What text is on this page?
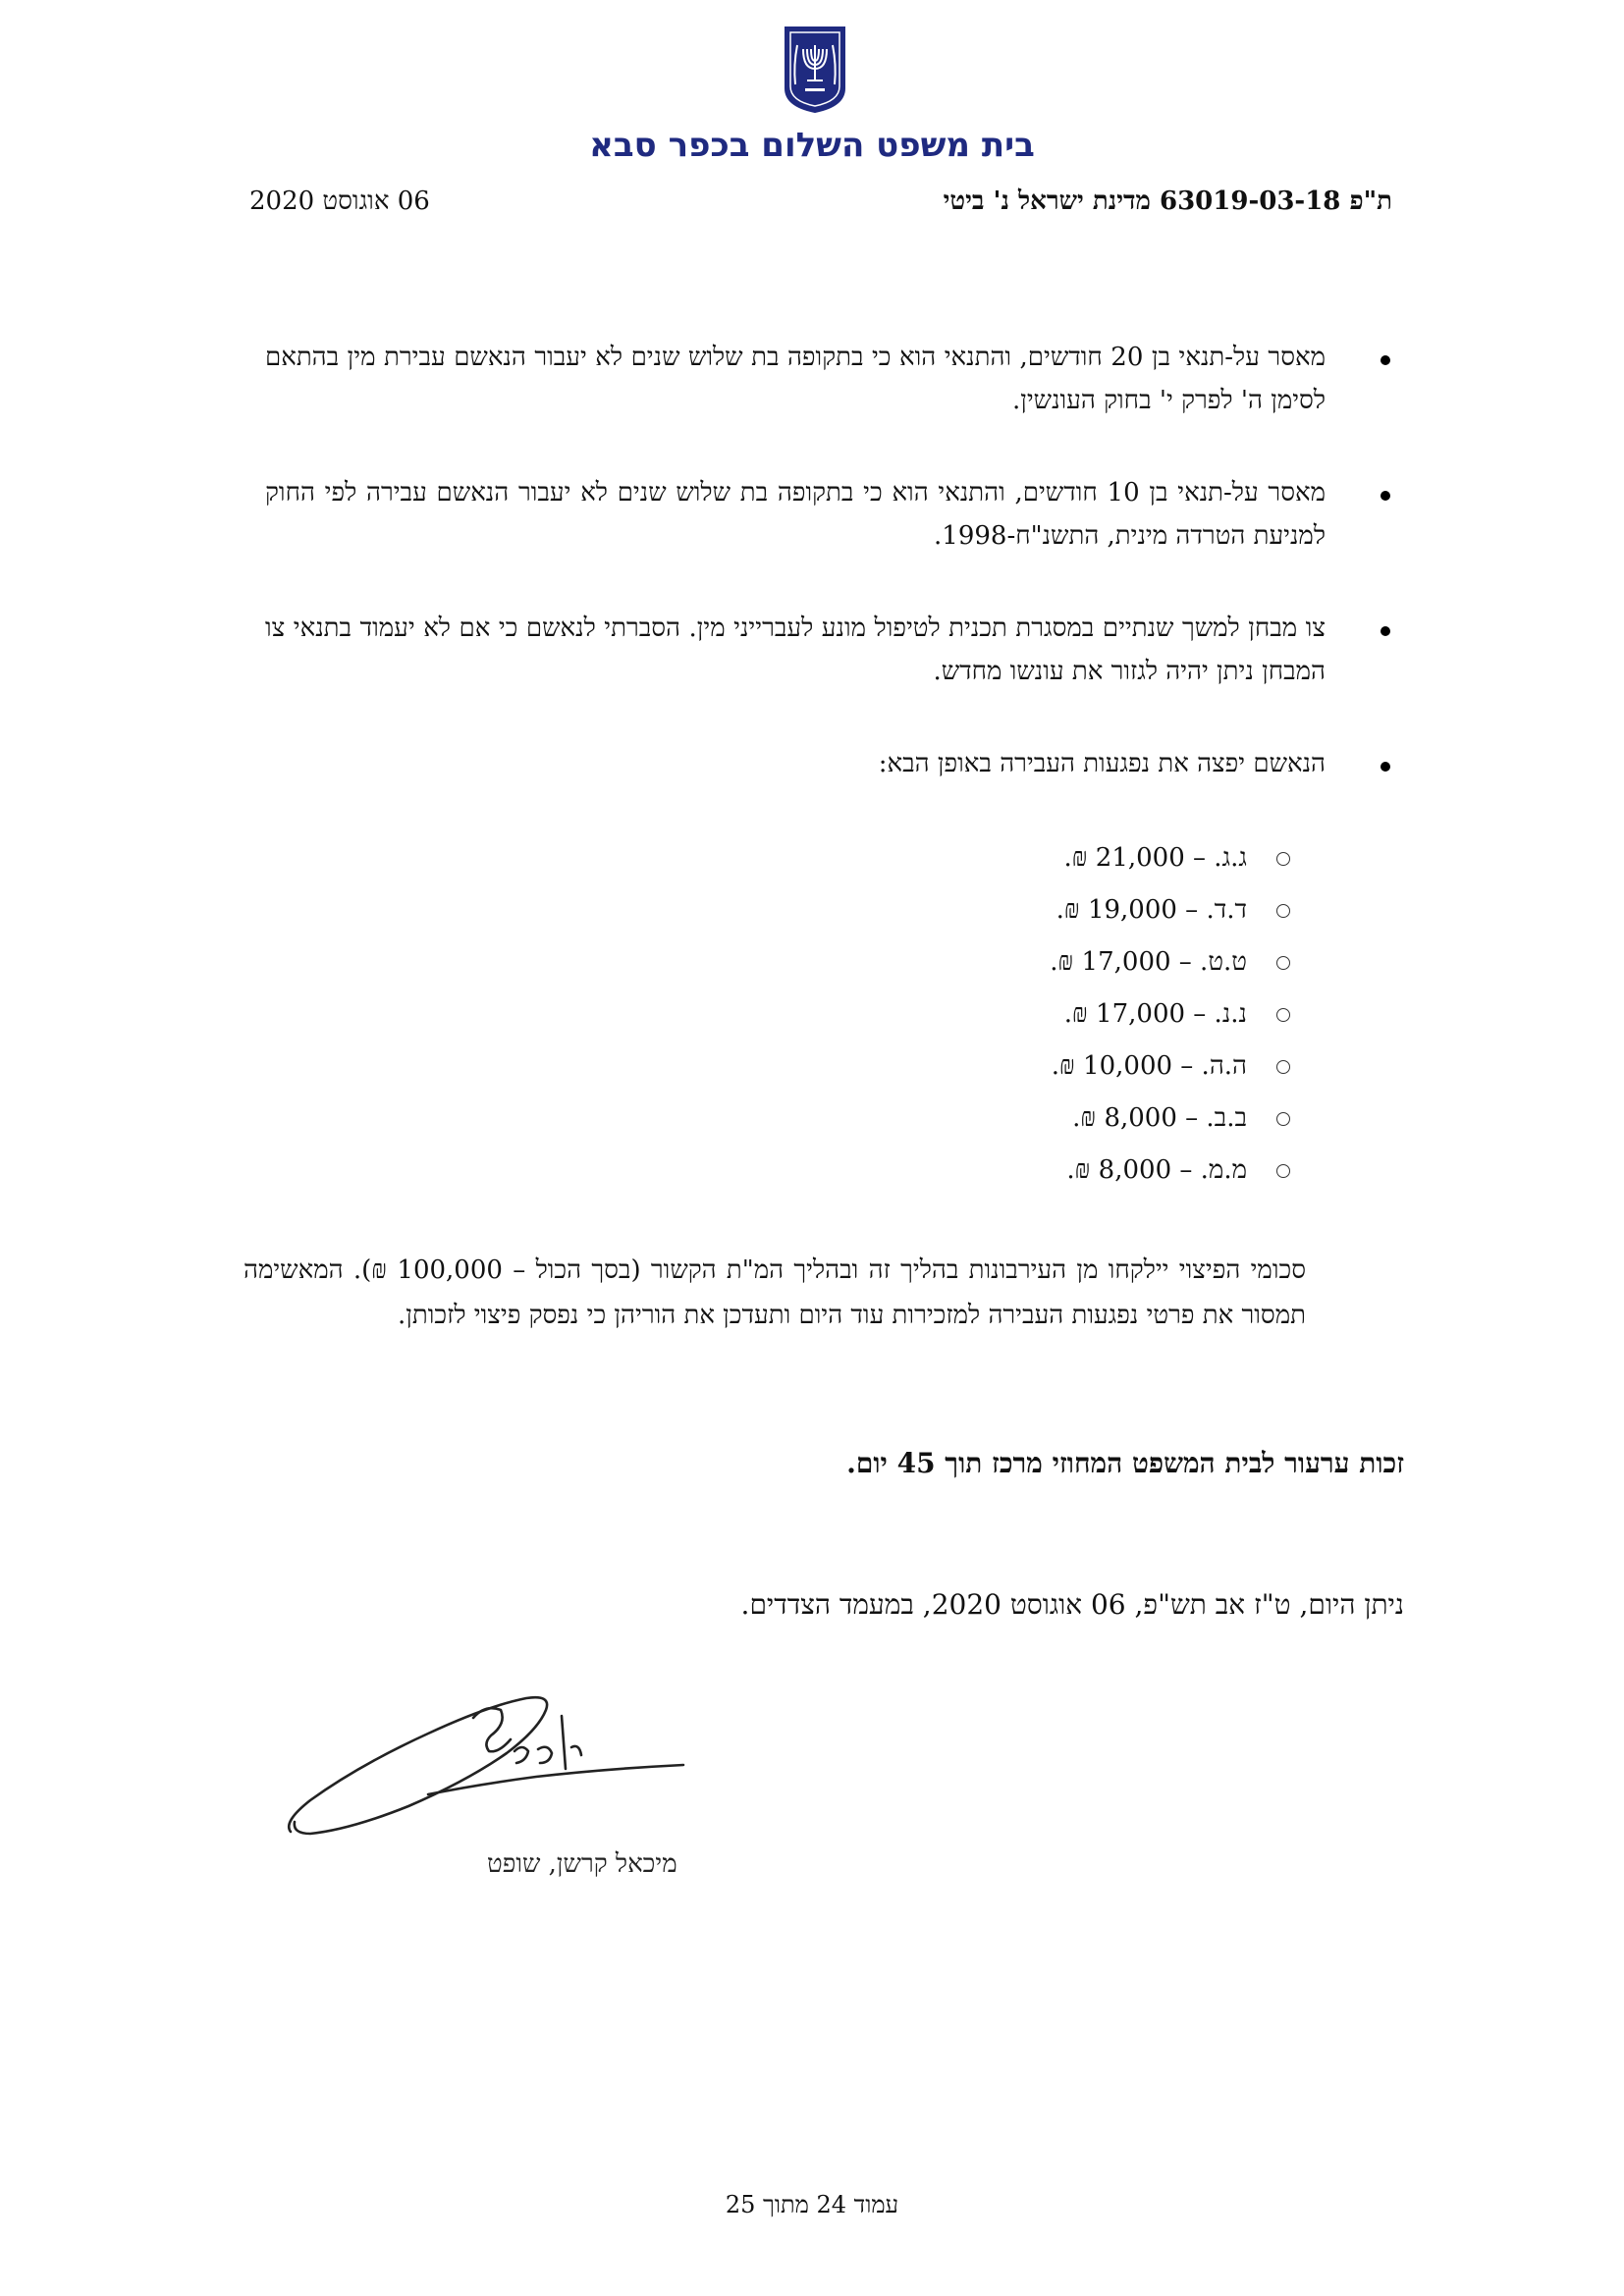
בית משפט השלום בכפר סבא
ת"פ 63019-03-18 מדינת ישראל נ' ביטי
06 אוגוסט 2020
מאסר על-תנאי בן 20 חודשים, והתנאי הוא כי בתקופה בת שלוש שנים לא יעבור הנאשם עבירת מין בהתאם לסימן ה' לפרק י' בחוק העונשין.
מאסר על-תנאי בן 10 חודשים, והתנאי הוא כי בתקופה בת שלוש שנים לא יעבור הנאשם עבירה לפי החוק למניעת הטרדה מינית, התשנ"ח-1998.
צו מבחן למשך שנתיים במסגרת תכנית לטיפול מונע לעברייני מין. הסברתי לנאשם כי אם לא יעמוד בתנאי צו המבחן ניתן יהיה לגזור את עונשו מחדש.
הנאשם יפצה את נפגעות העבירה באופן הבא:
ג.ג. – 21,000 ₪.
ד.ד. – 19,000 ₪.
ט.ט. – 17,000 ₪.
נ.נ. – 17,000 ₪.
ה.ה. – 10,000 ₪.
ב.ב. – 8,000 ₪.
מ.מ. – 8,000 ₪.

סכומי הפיצוי יילקחו מן העירבונות בהליך זה ובהליך המ"ת הקשור (בסך הכול – 100,000 ₪). המאשימה תמסור את פרטי נפגעות העבירה למזכירות עוד היום ותעדכן את הוריהן כי נפסק פיצוי לזכותן.

זכות ערעור לבית המשפט המחוזי מרכז תוך 45 יום.

ניתן היום, ט"ז אב תש"פ, 06 אוגוסט 2020, במעמד הצדדים.

מיכאל קרשן, שופט

עמוד 24 מתוך 25
